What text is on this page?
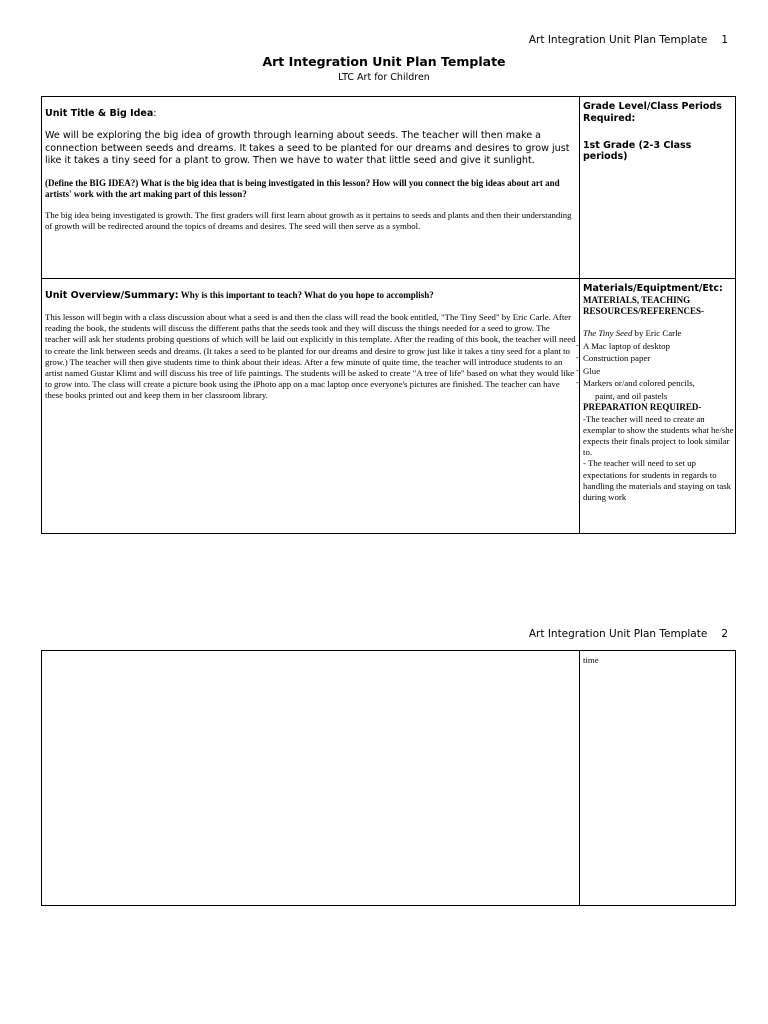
Art Integration Unit Plan Template 1
Art Integration Unit Plan Template
LTC Art for Children

Unit Title & Big Idea:

We will be exploring the big idea of growth through learning about seeds. The teacher will then make a connection between seeds and dreams. It takes a seed to be planted for our dreams and desires to grow just like it takes a tiny seed for a plant to grow. Then we have to water that little seed and give it sunlight.

(Define the BIG IDEA?) What is the big idea that is being investigated in this lesson? How will you connect the big ideas about art and artists' work with the art making part of this lesson?

The big idea being investigated is growth. The first graders will first learn about growth as it pertains to seeds and plants and then their understanding of growth will be redirected around the topics of dreams and desires. The seed will then serve as a symbol.

Grade Level/Class Periods Required:

1st Grade (2-3 Class periods)

Unit Overview/Summary: Why is this important to teach? What do you hope to accomplish?

This lesson will begin with a class discussion about what a seed is and then the class will read the book entitled, "The Tiny Seed" by Eric Carle. After reading the book, the students will discuss the different paths that the seeds took and they will discuss the things needed for a seed to grow. The teacher will ask her students probing questions of which will be laid out explicitly in this template. After the reading of this book, the teacher will need to create the link between seeds and dreams. (It takes a seed to be planted for our dreams and desire to grow just like it takes a tiny seed for a plant to grow.) The teacher will then give students time to think about their ideas. After a few minute of quite time, the teacher will introduce students to an artist named Gustar Klimt and will discuss his tree of life paintings. The students will be asked to create "A tree of life" based on what they would like to grow into. The class will create a picture book using the iPhoto app on a mac laptop once everyone's pictures are finished. The teacher can have these books printed out and keep them in her classroom library.

Materials/Equiptment/Etc:

MATERIALS, TEACHING RESOURCES/REFERENCES-

The Tiny Seed by Eric Carle
- A Mac laptop of desktop
- Construction paper
- Glue
- Markers or/and colored pencils,
paint, and oil pastels

PREPARATION REQUIRED-

-The teacher will need to create an exemplar to show the students what he/she expects their finals project to look similar to.

- The teacher will need to set up expectations for students in regards to handling the materials and staying on task during work

Art Integration Unit Plan Template 2

time
